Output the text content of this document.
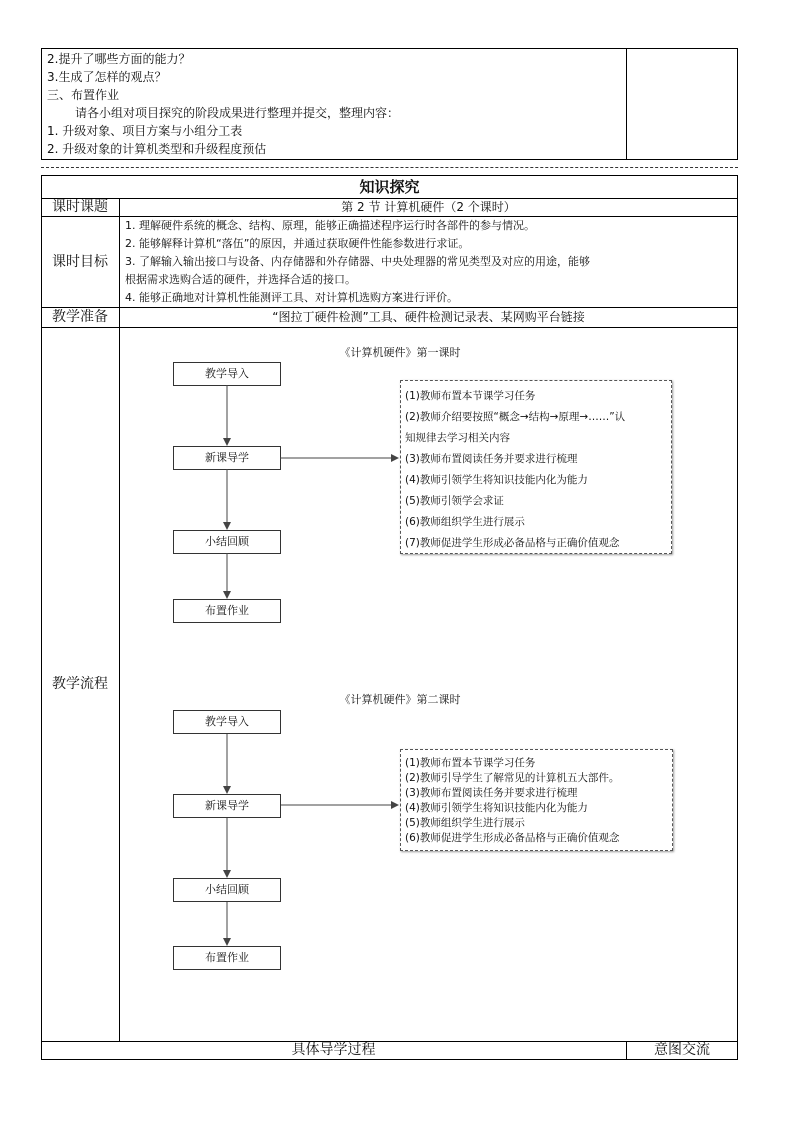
2.提升了哪些方面的能力？
3.生成了怎样的观点？
三、布置作业
请各小组对项目探究的阶段成果进行整理并提交，整理内容：
1. 升级对象、项目方案与小组分工表
2. 升级对象的计算机类型和升级程度预估
知识探究
课时课题	第 2 节 计算机硬件（2 个课时）
课时目标
1. 理解硬件系统的概念、结构、原理，能够正确描述程序运行时各部件的参与情况。
2. 能够解释计算机“落伍”的原因，并通过获取硬件性能参数进行求证。
3. 了解输入输出接口与设备、内存储器和外存储器、中央处理器的常见类型及对应的用途，能够
根据需求选购合适的硬件，并选择合适的接口。
4. 能够正确地对计算机性能测评工具、对计算机选购方案进行评价。
教学准备	“图拉丁硬件检测”工具、硬件检测记录表、某网购平台链接
教学流程
《计算机硬件》第一课时
教学导入
新课导学
小结回顾
布置作业
(1)教师布置本节课学习任务
(2)教师介绍要按照“概念→结构→原理→……”认
知规律去学习相关内容
(3)教师布置阅读任务并要求进行梳理
(4)教师引领学生将知识技能内化为能力
(5)教师引领学会求证
(6)教师组织学生进行展示
(7)教师促进学生形成必备品格与正确价值观念
《计算机硬件》第二课时
教学导入
新课导学
小结回顾
布置作业
(1)教师布置本节课学习任务
(2)教师引导学生了解常见的计算机五大部件。
(3)教师布置阅读任务并要求进行梳理
(4)教师引领学生将知识技能内化为能力
(5)教师组织学生进行展示
(6)教师促进学生形成必备品格与正确价值观念
具体导学过程	意图交流
